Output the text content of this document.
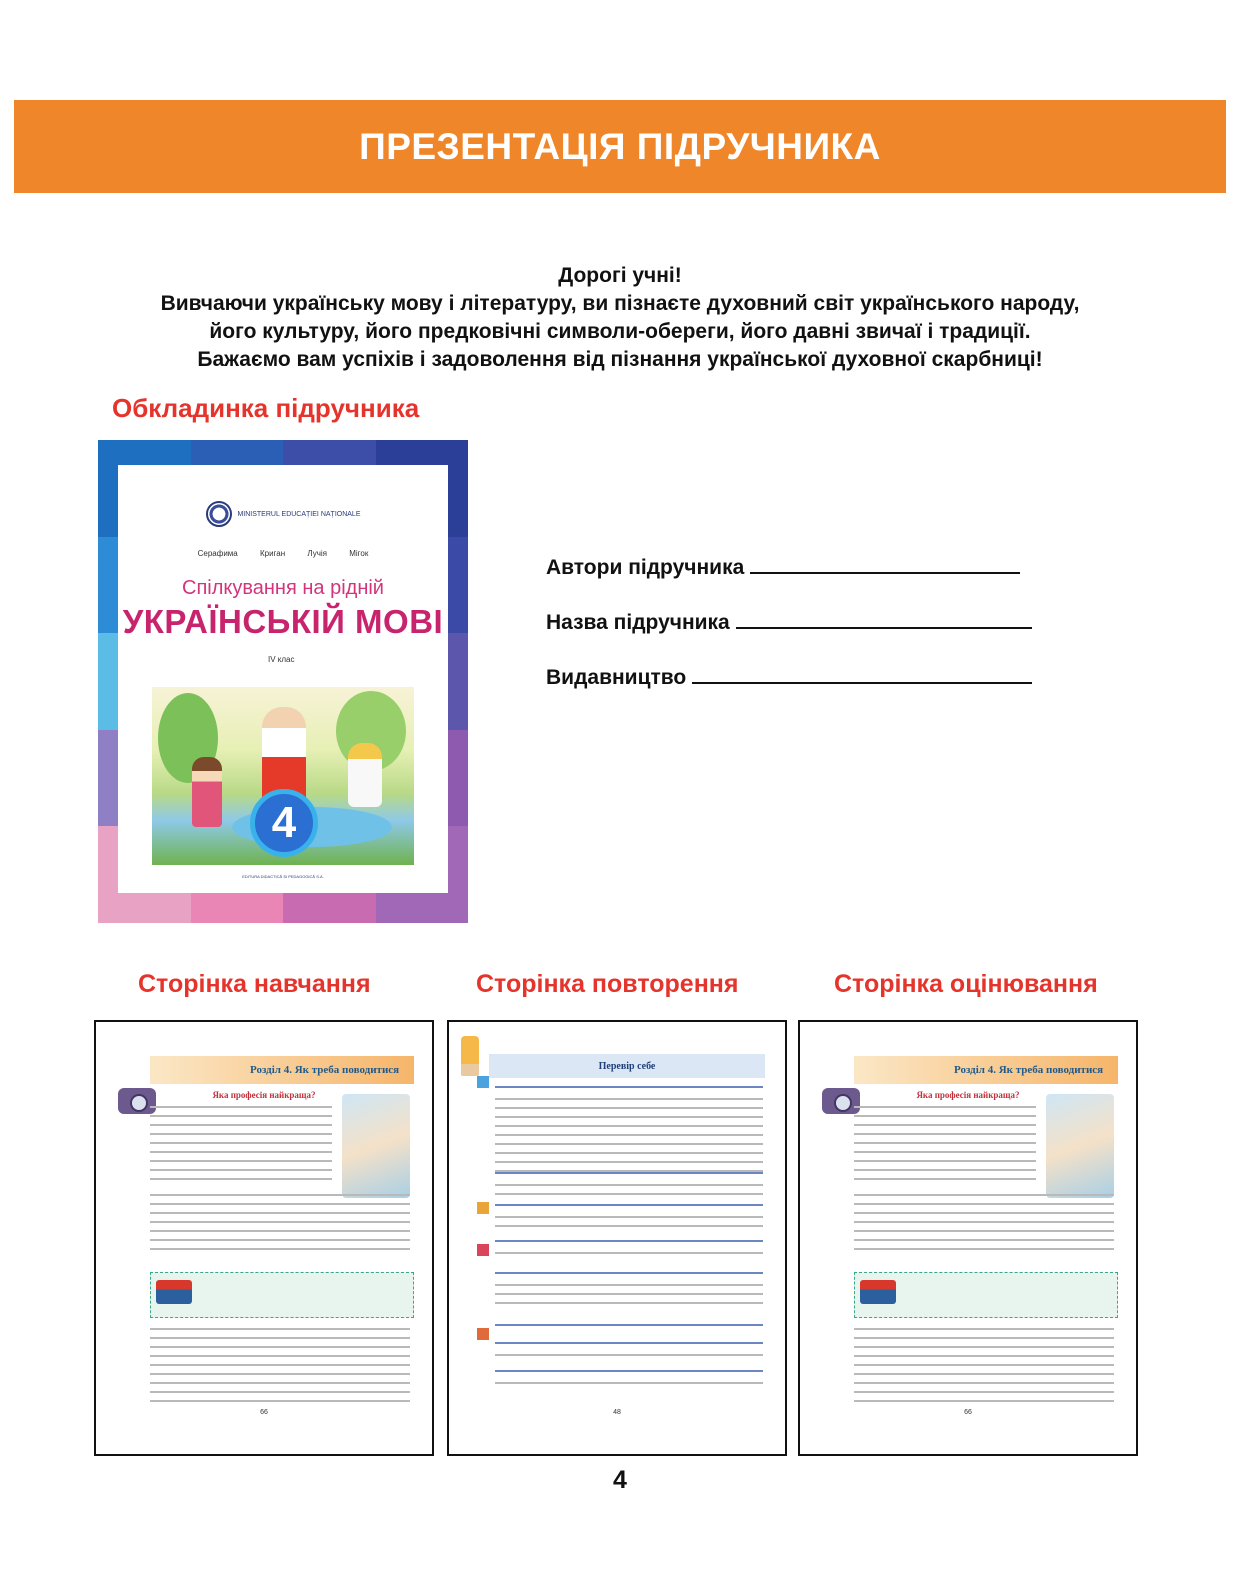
ПРЕЗЕНТАЦІЯ ПІДРУЧНИКА
Дорогі учні!
Вивчаючи українську мову і літературу, ви пізнаєте духовний світ українського народу,
його культуру, його предковічні символи-обереги, його давні звичаї і традиції.
Бажаємо вам успіхів і задоволення від пізнання української духовної скарбниці!
Обкладинка підручника
MINISTERUL EDUCAȚIEI NAȚIONALE
Серафима Криган Лучія Мігок
Спілкування на рідній
УКРАЇНСЬКІЙ МОВІ
IV клас
4
EDITURA DIDACTICĂ ȘI PEDAGOGICĂ S.A.
Автори підручника
Назва підручника
Видавництво
Сторінка навчання	Сторінка повторення	Сторінка оцінювання
Розділ 4. Як треба поводитися
Яка професія найкраща?
66
Перевір себе
48
Розділ 4. Як треба поводитися
Яка професія найкраща?
66
4
